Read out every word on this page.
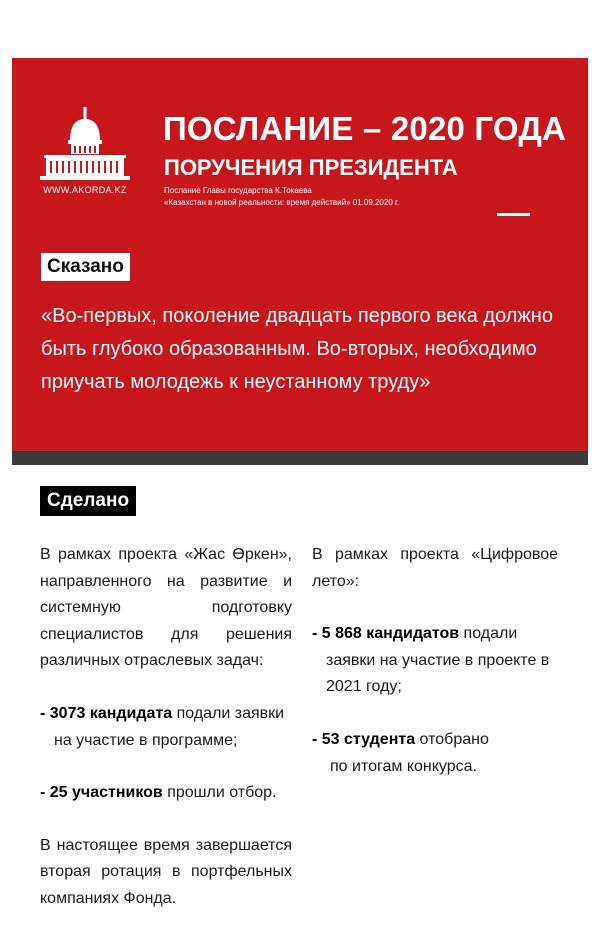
WWW.AKORDA.KZ
ПОСЛАНИЕ – 2020 ГОДА
ПОРУЧЕНИЯ ПРЕЗИДЕНТА
Послание Главы государства К.Токаева
«Казахстан в новой реальности: время действий» 01.09.2020 г.
Сказано
«Во-первых, поколение двадцать первого века должно быть глубоко образованным. Во-вторых, необходимо приучать молодежь к неустанному труду»
Сделано

В рамках проекта «Жас Өркен», направленного на развитие и системную подготовку специалистов для решения различных отраслевых задач:

- 3073 кандидата подали заявки

на участие в программе;

- 25 участников прошли отбор.

В настоящее время завершается вторая ротация в портфельных компаниях Фонда.

В рамках проекта «Цифровое лето»:

- 5 868 кандидатов подали

заявки на участие в проекте в 2021 году;

- 53 студента отобрано

по итогам конкурса.
